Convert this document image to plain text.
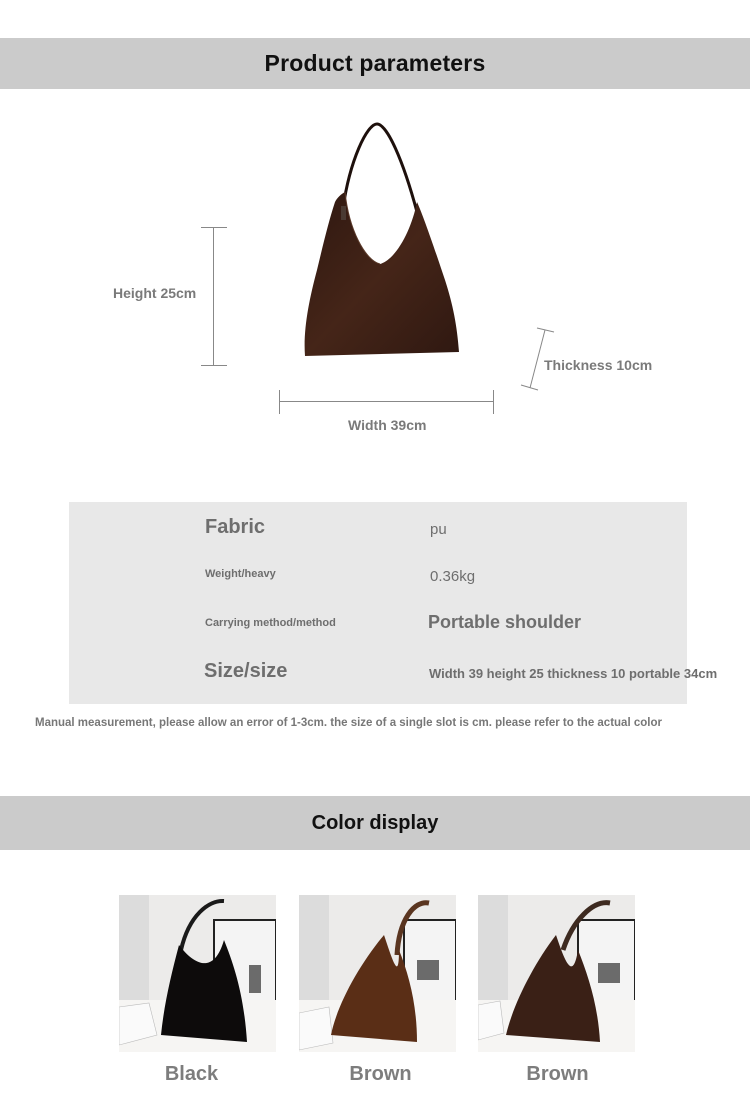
Product parameters
Height 25cm
Width 39cm
Thickness 10cm
Fabric	pu
Weight/heavy	0.36kg
Carrying method/method	Portable shoulder
Size/size	Width 39 height 25 thickness 10 portable 34cm
Manual measurement, please allow an error of 1-3cm. the size of a single slot is cm. please refer to the actual color
Color display
Black	Brown	Brown
